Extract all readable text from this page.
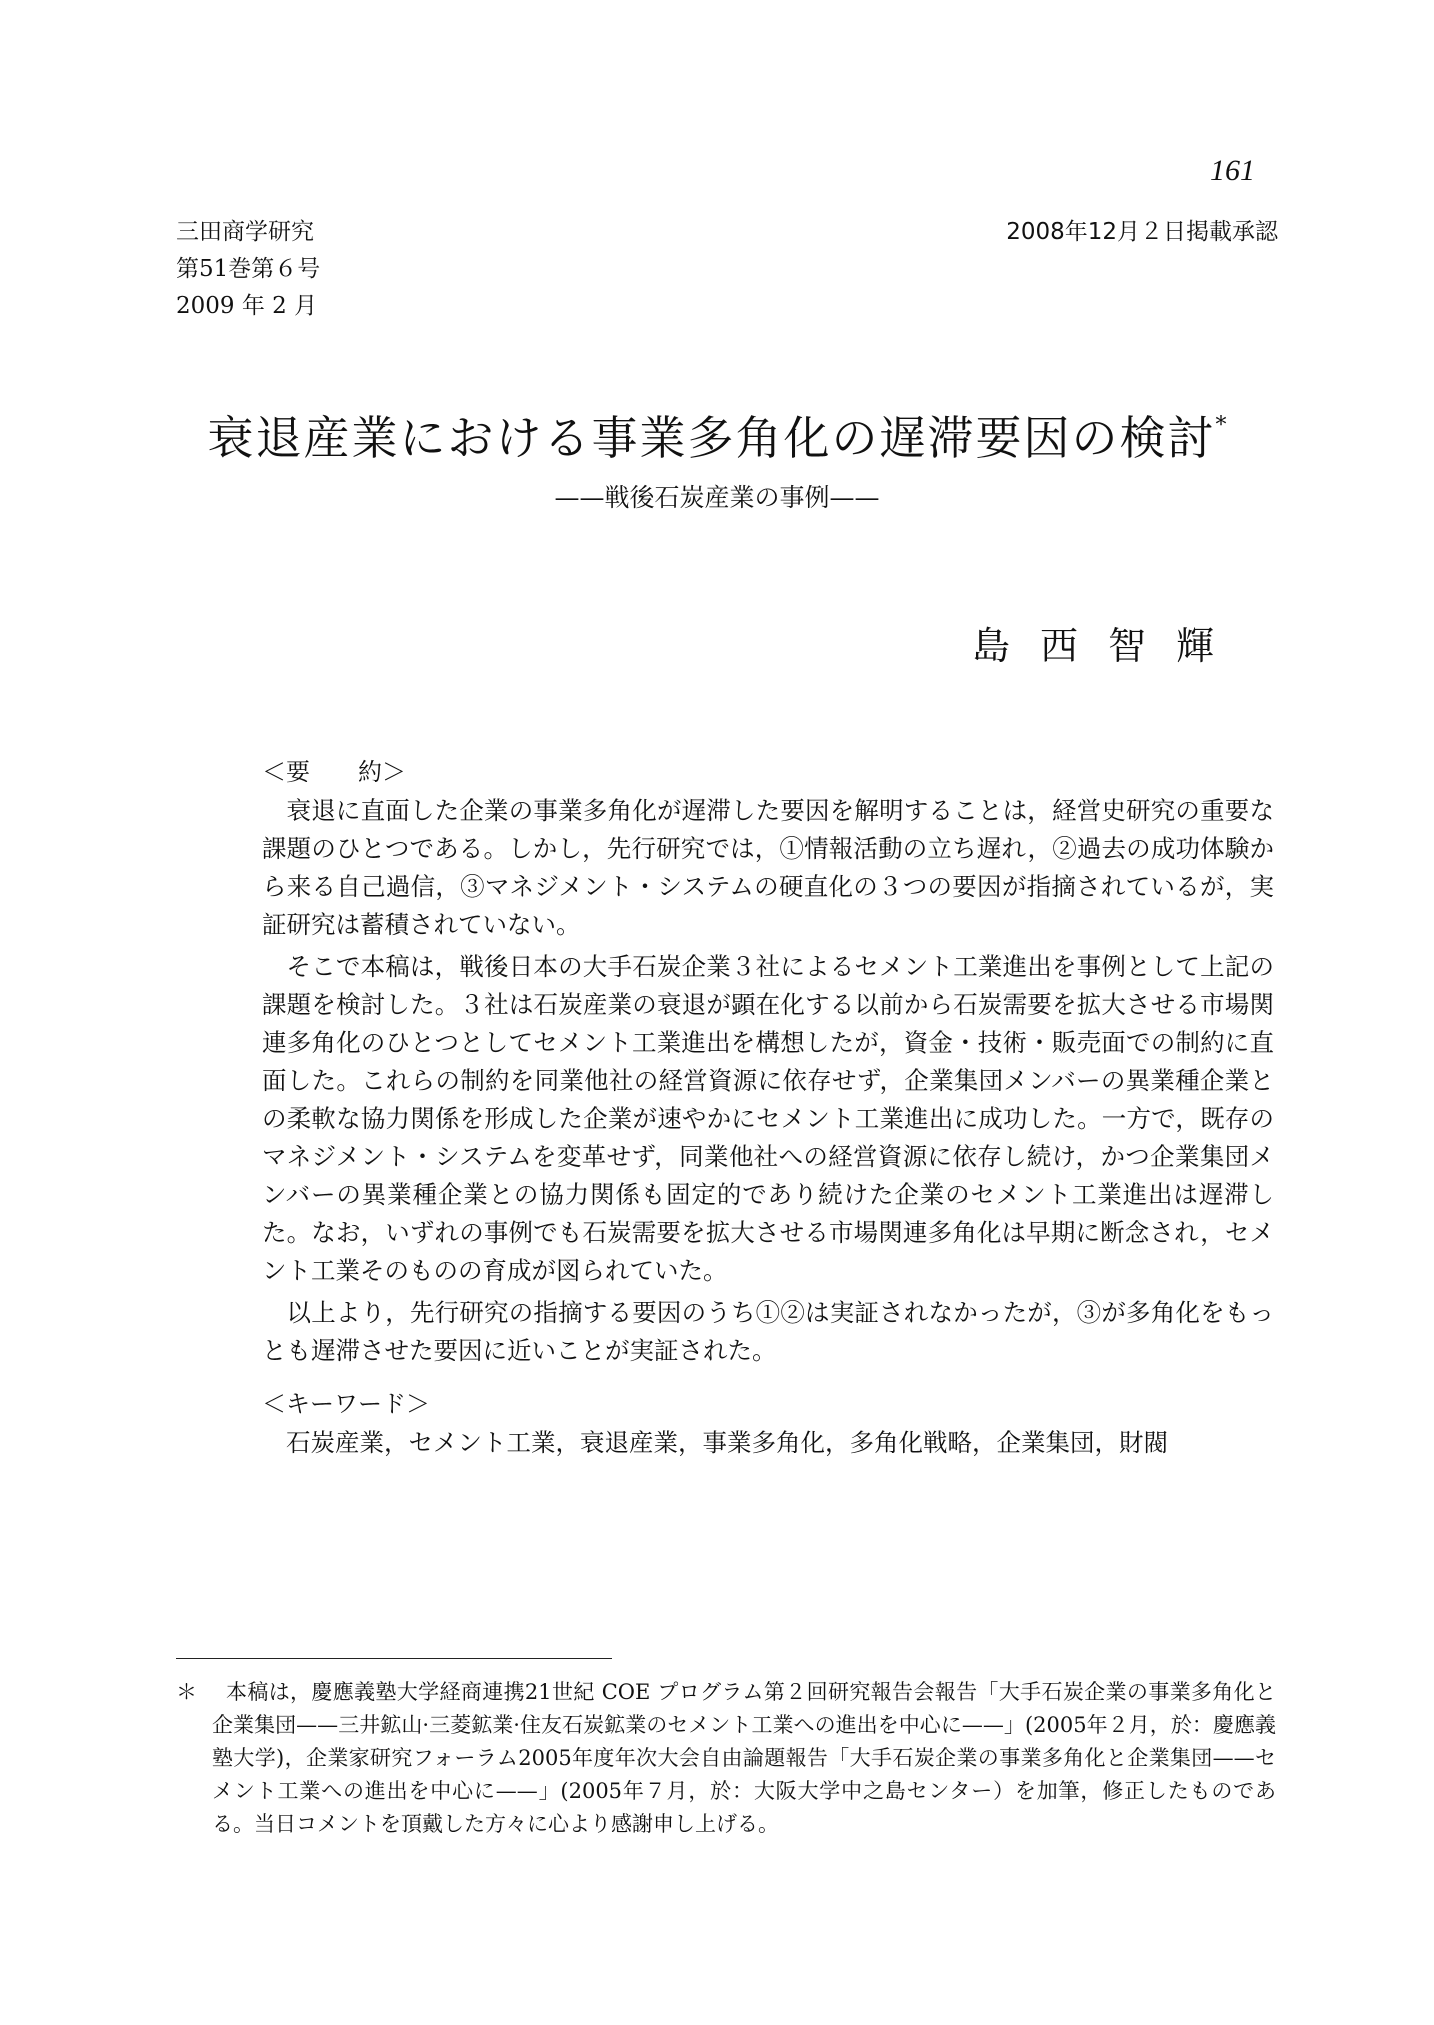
161
三田商学研究
第51巻第６号
2009 年 2 月
2008年12月２日掲載承認
衰退産業における事業多角化の遅滞要因の検討*
——戦後石炭産業の事例——
島西智輝
＜要　　約＞

衰退に直面した企業の事業多角化が遅滞した要因を解明することは，経営史研究の重要な課題のひとつである。しかし，先行研究では，①情報活動の立ち遅れ，②過去の成功体験から来る自己過信，③マネジメント・システムの硬直化の３つの要因が指摘されているが，実証研究は蓄積されていない。

そこで本稿は，戦後日本の大手石炭企業３社によるセメント工業進出を事例として上記の課題を検討した。３社は石炭産業の衰退が顕在化する以前から石炭需要を拡大させる市場関連多角化のひとつとしてセメント工業進出を構想したが，資金・技術・販売面での制約に直面した。これらの制約を同業他社の経営資源に依存せず，企業集団メンバーの異業種企業との柔軟な協力関係を形成した企業が速やかにセメント工業進出に成功した。一方で，既存のマネジメント・システムを変革せず，同業他社への経営資源に依存し続け，かつ企業集団メンバーの異業種企業との協力関係も固定的であり続けた企業のセメント工業進出は遅滞した。なお，いずれの事例でも石炭需要を拡大させる市場関連多角化は早期に断念され，セメント工業そのものの育成が図られていた。

以上より，先行研究の指摘する要因のうち①②は実証されなかったが，③が多角化をもっとも遅滞させた要因に近いことが実証された。

＜キーワード＞
石炭産業，セメント工業，衰退産業，事業多角化，多角化戦略，企業集団，財閥
＊	本稿は，慶應義塾大学経商連携21世紀 COE プログラム第２回研究報告会報告「大手石炭企業の事業多角化と企業集団——三井鉱山·三菱鉱業·住友石炭鉱業のセメント工業への進出を中心に——」(2005年２月，於：慶應義塾大学)，企業家研究フォーラム2005年度年次大会自由論題報告「大手石炭企業の事業多角化と企業集団——セメント工業への進出を中心に——」(2005年７月，於：大阪大学中之島センター）を加筆，修正したものである。当日コメントを頂戴した方々に心より感謝申し上げる。
